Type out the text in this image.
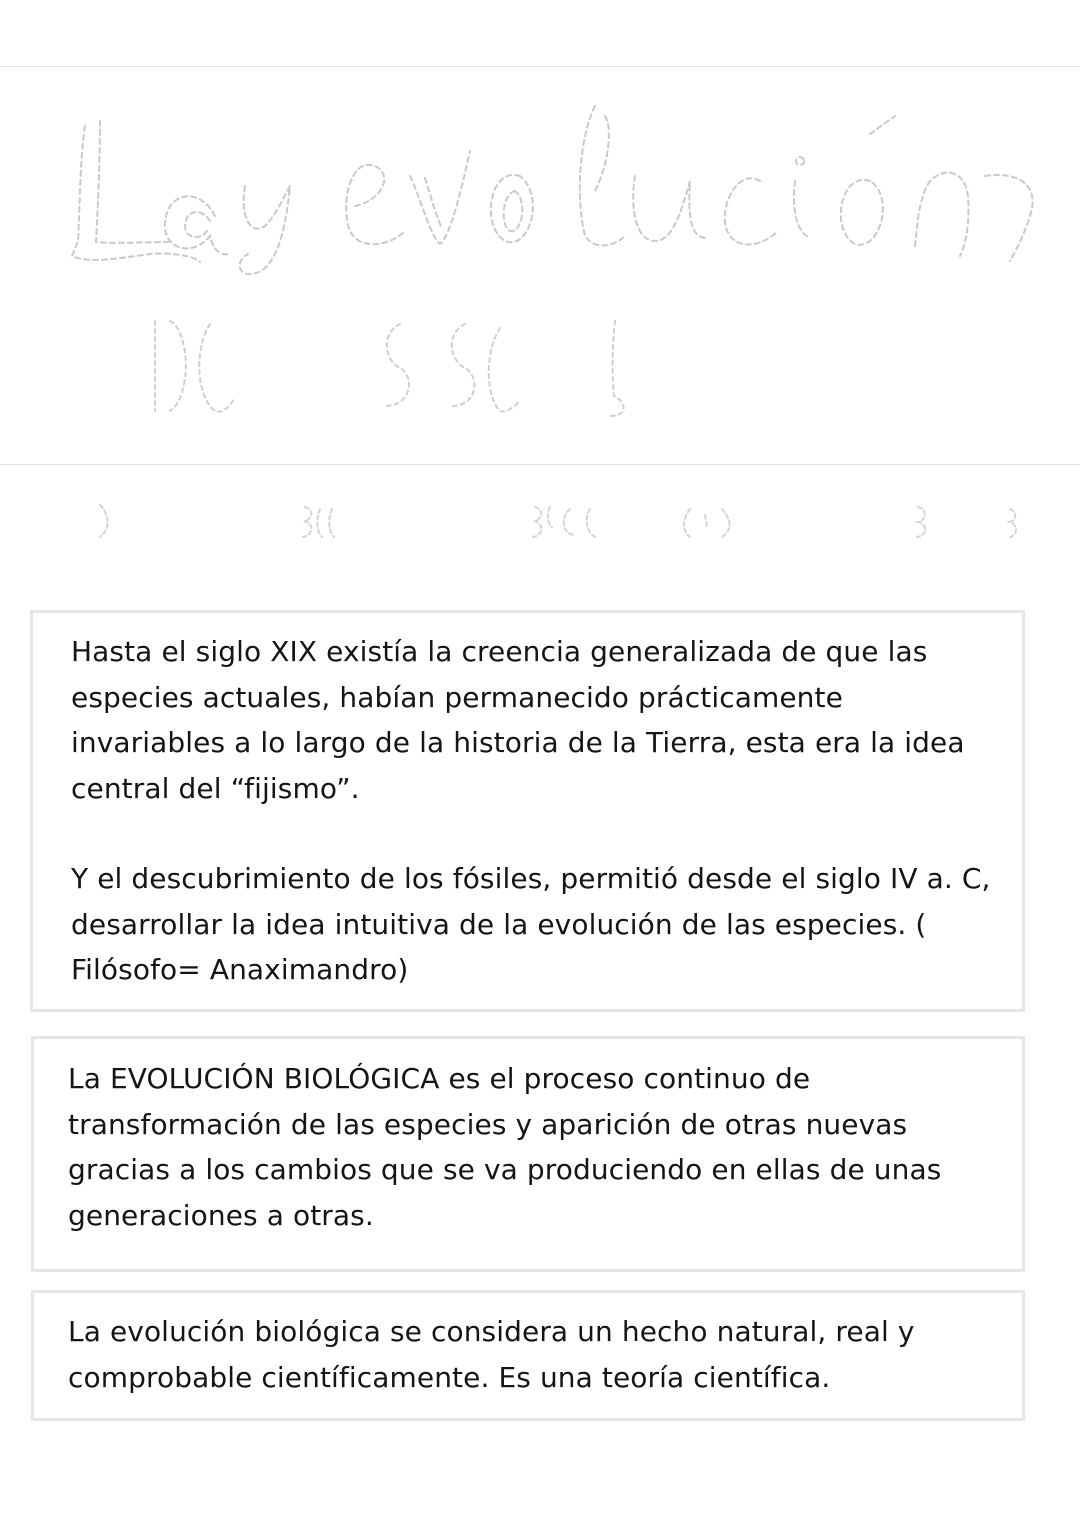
Hasta el siglo XIX existía la creencia generalizada de que las especies actuales, habían permanecido prácticamente invariables a lo largo de la historia de la Tierra, esta era la idea central del “fijismo”.

Y el descubrimiento de los fósiles, permitió desde el siglo IV a. C, desarrollar la idea intuitiva de la evolución de las especies. ( Filósofo= Anaximandro)

La EVOLUCIÓN BIOLÓGICA es el proceso continuo de transformación de las especies y aparición de otras nuevas gracias a los cambios que se va produciendo en ellas de unas generaciones a otras.

La evolución biológica se considera un hecho natural, real y comprobable científicamente. Es una teoría científica.
